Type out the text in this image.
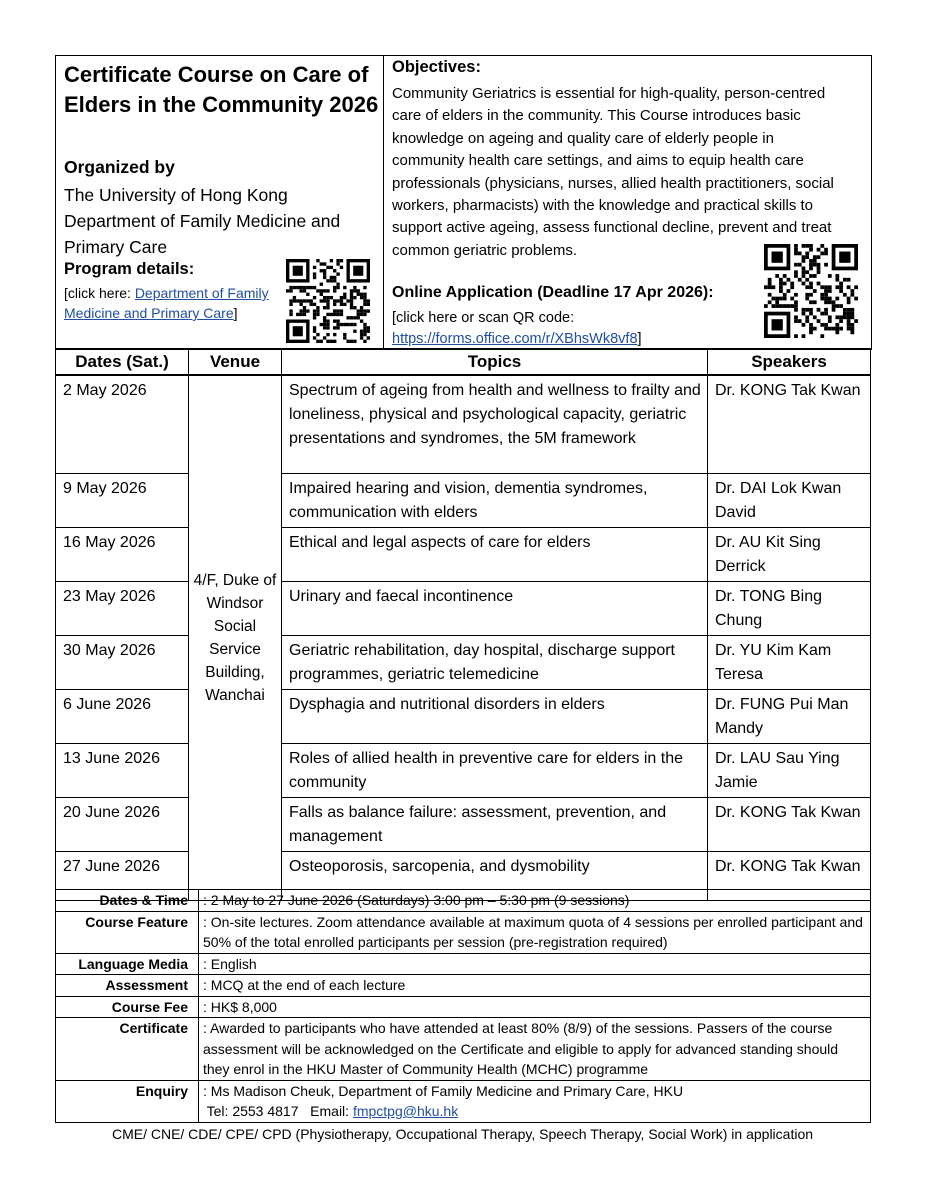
Certificate Course on Care of Elders in the Community 2026
Organized by
The University of Hong Kong
Department of Family Medicine and
Primary Care
Program details:
[click here: Department of Family Medicine and Primary Care]
Objectives:
Community Geriatrics is essential for high-quality, person-centred care of elders in the community. This Course introduces basic knowledge on ageing and quality care of elderly people in community health care settings, and aims to equip health care professionals (physicians, nurses, allied health practitioners, social workers, pharmacists) with the knowledge and practical skills to support active ageing, assess functional decline, prevent and treat common geriatric problems.
Online Application (Deadline 17 Apr 2026):
[click here or scan QR code:
https://forms.office.com/r/XBhsWk8vf8]
Dates (Sat.)	Venue	Topics	Speakers
2 May 2026	4/F, Duke of Windsor Social Service Building, Wanchai	Spectrum of ageing from health and wellness to frailty and loneliness, physical and psychological capacity, geriatric presentations and syndromes, the 5M framework	Dr. KONG Tak Kwan
9 May 2026		Impaired hearing and vision, dementia syndromes, communication with elders	Dr. DAI Lok Kwan David
16 May 2026		Ethical and legal aspects of care for elders	Dr. AU Kit Sing Derrick
23 May 2026		Urinary and faecal incontinence	Dr. TONG Bing Chung
30 May 2026		Geriatric rehabilitation, day hospital, discharge support programmes, geriatric telemedicine	Dr. YU Kim Kam Teresa
6 June 2026		Dysphagia and nutritional disorders in elders	Dr. FUNG Pui Man Mandy
13 June 2026		Roles of allied health in preventive care for elders in the community	Dr. LAU Sau Ying Jamie
20 June 2026		Falls as balance failure: assessment, prevention, and management	Dr. KONG Tak Kwan
27 June 2026		Osteoporosis, sarcopenia, and dysmobility	Dr. KONG Tak Kwan
Dates & Time	: 2 May to 27 June 2026 (Saturdays) 3:00 pm – 5:30 pm (9 sessions)
Course Feature	: On-site lectures. Zoom attendance available at maximum quota of 4 sessions per enrolled participant and 50% of the total enrolled participants per session (pre-registration required)
Language Media	: English
Assessment	: MCQ at the end of each lecture
Course Fee	: HK$ 8,000
Certificate	: Awarded to participants who have attended at least 80% (8/9) of the sessions. Passers of the course assessment will be acknowledged on the Certificate and eligible to apply for advanced standing should they enrol in the HKU Master of Community Health (MCHC) programme
Enquiry	: Ms Madison Cheuk, Department of Family Medicine and Primary Care, HKU
Tel: 2553 4817   Email: fmpctpg@hku.hk
CME/ CNE/ CDE/ CPE/ CPD (Physiotherapy, Occupational Therapy, Speech Therapy, Social Work) in application
